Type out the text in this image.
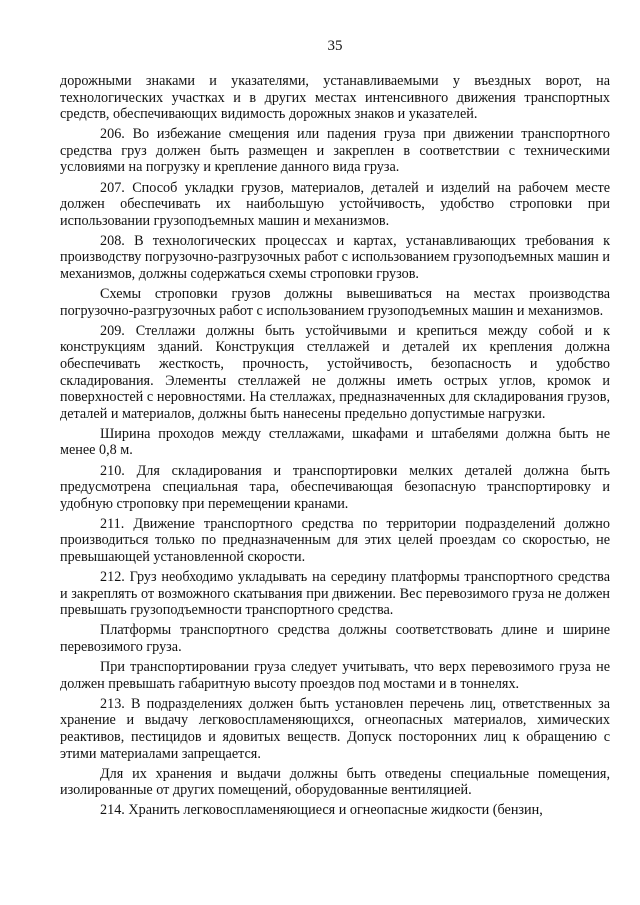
35

дорожными знаками и указателями, устанавливаемыми у въездных ворот, на технологических участках и в других местах интенсивного движения транспортных средств, обеспечивающих видимость дорожных знаков и указателей.

206. Во избежание смещения или падения груза при движении транспортного средства груз должен быть размещен и закреплен в соответствии с техническими условиями на погрузку и крепление данного вида груза.

207. Способ укладки грузов, материалов, деталей и изделий на рабочем месте должен обеспечивать их наибольшую устойчивость, удобство строповки при использовании грузоподъемных машин и механизмов.

208. В технологических процессах и картах, устанавливающих требования к производству погрузочно-разгрузочных работ с использованием грузоподъемных машин и механизмов, должны содержаться схемы строповки грузов.

Схемы строповки грузов должны вывешиваться на местах производства погрузочно-разгрузочных работ с использованием грузоподъемных машин и механизмов.

209. Стеллажи должны быть устойчивыми и крепиться между собой и к конструкциям зданий. Конструкция стеллажей и деталей их крепления должна обеспечивать жесткость, прочность, устойчивость, безопасность и удобство складирования. Элементы стеллажей не должны иметь острых углов, кромок и поверхностей с неровностями. На стеллажах, предназначенных для складирования грузов, деталей и материалов, должны быть нанесены предельно допустимые нагрузки.

Ширина проходов между стеллажами, шкафами и штабелями должна быть не менее 0,8 м.

210. Для складирования и транспортировки мелких деталей должна быть предусмотрена специальная тара, обеспечивающая безопасную транспортировку и удобную строповку при перемещении кранами.

211. Движение транспортного средства по территории подразделений должно производиться только по предназначенным для этих целей проездам со скоростью, не превышающей установленной скорости.

212. Груз необходимо укладывать на середину платформы транспортного средства и закреплять от возможного скатывания при движении. Вес перевозимого груза не должен превышать грузоподъемности транспортного средства.

Платформы транспортного средства должны соответствовать длине и ширине перевозимого груза.

При транспортировании груза следует учитывать, что верх перевозимого груза не должен превышать габаритную высоту проездов под мостами и в тоннелях.

213. В подразделениях должен быть установлен перечень лиц, ответственных за хранение и выдачу легковоспламеняющихся, огнеопасных материалов, химических реактивов, пестицидов и ядовитых веществ. Допуск посторонних лиц к обращению с этими материалами запрещается.

Для их хранения и выдачи должны быть отведены специальные помещения, изолированные от других помещений, оборудованные вентиляцией.

214. Хранить легковоспламеняющиеся и огнеопасные жидкости (бензин,
